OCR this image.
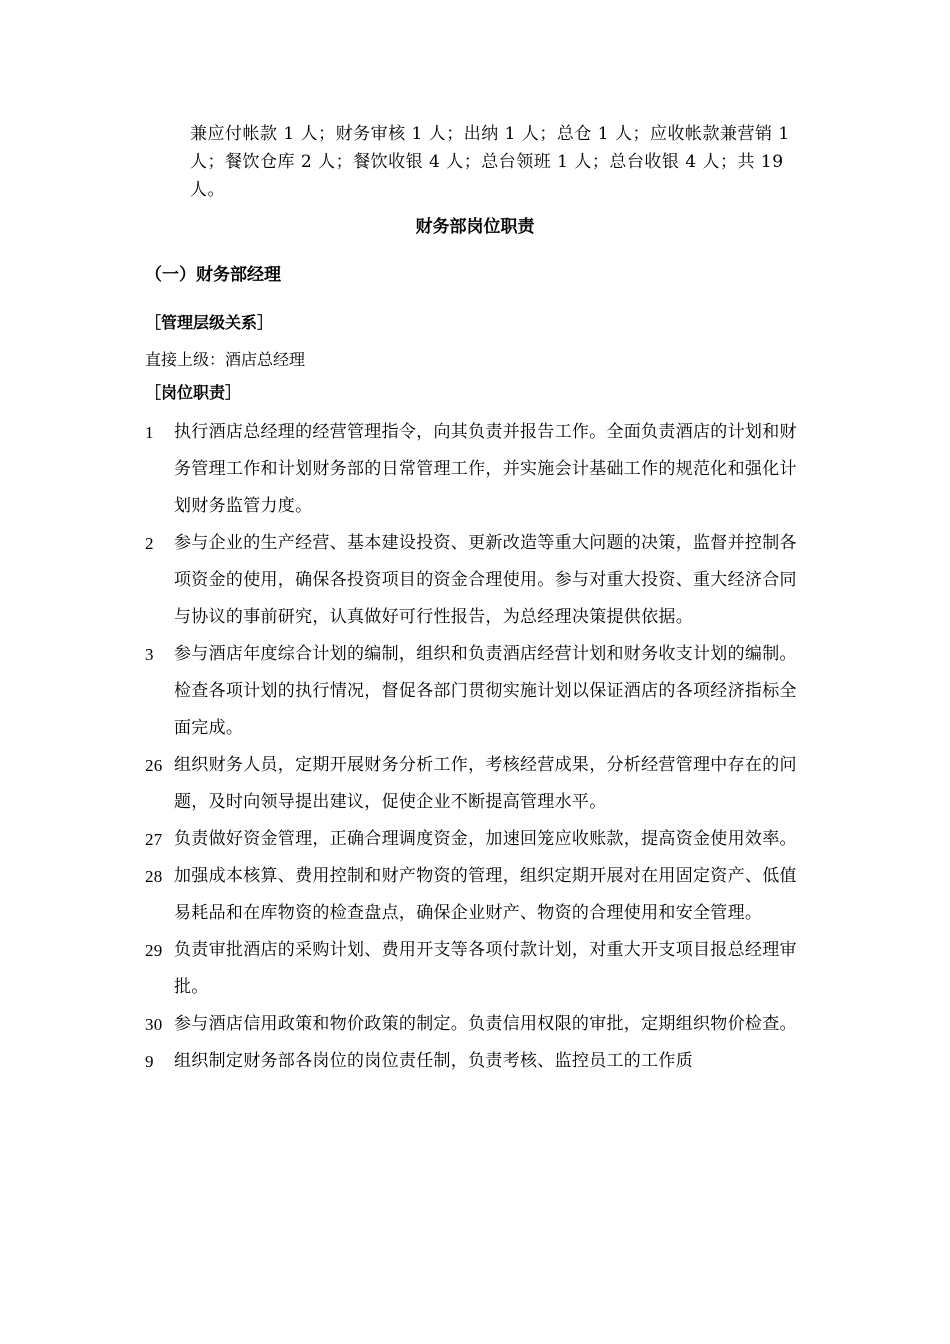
兼应付帐款 1 人；财务审核 1 人；出纳 1 人；总仓 1 人；应收帐款兼营销 1 人；餐饮仓库 2 人；餐饮收银 4 人；总台领班 1 人；总台收银 4 人；共 19 人。
财务部岗位职责
（一）财务部经理
［管理层级关系］
直接上级：酒店总经理
［岗位职责］

1 执行酒店总经理的经营管理指令，向其负责并报告工作。全面负责酒店的计划和财务管理工作和计划财务部的日常管理工作，并实施会计基础工作的规范化和强化计划财务监管力度。

2 参与企业的生产经营、基本建设投资、更新改造等重大问题的决策，监督并控制各项资金的使用，确保各投资项目的资金合理使用。参与对重大投资、重大经济合同与协议的事前研究，认真做好可行性报告，为总经理决策提供依据。

3 参与酒店年度综合计划的编制，组织和负责酒店经营计划和财务收支计划的编制。检查各项计划的执行情况，督促各部门贯彻实施计划以保证酒店的各项经济指标全面完成。

26 组织财务人员，定期开展财务分析工作，考核经营成果，分析经营管理中存在的问题，及时向领导提出建议，促使企业不断提高管理水平。

27 负责做好资金管理，正确合理调度资金，加速回笼应收账款，提高资金使用效率。

28 加强成本核算、费用控制和财产物资的管理，组织定期开展对在用固定资产、低值易耗品和在库物资的检查盘点，确保企业财产、物资的合理使用和安全管理。

29 负责审批酒店的采购计划、费用开支等各项付款计划，对重大开支项目报总经理审批。

30 参与酒店信用政策和物价政策的制定。负责信用权限的审批，定期组织物价检查。

9 组织制定财务部各岗位的岗位责任制，负责考核、监控员工的工作质
